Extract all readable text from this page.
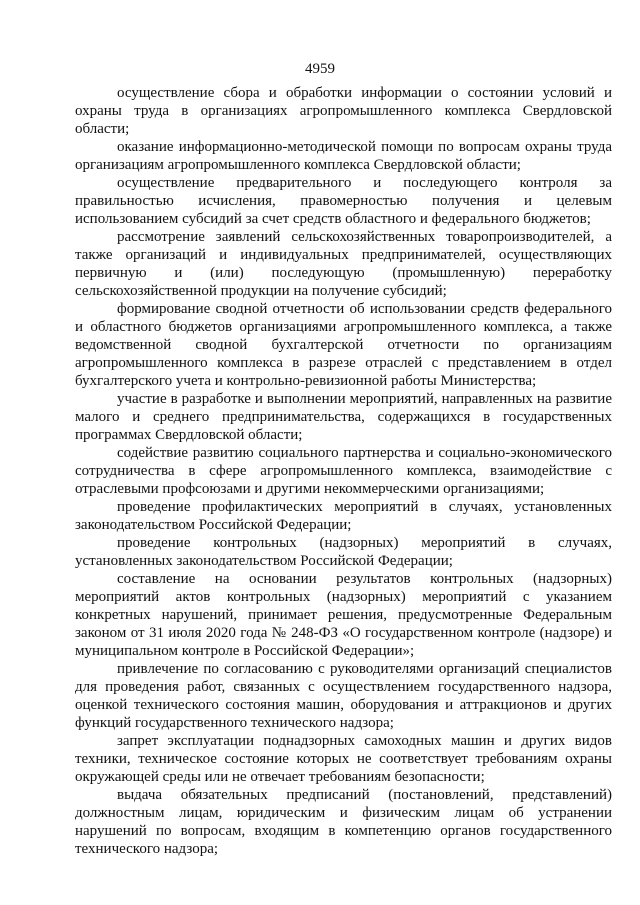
4959

осуществление сбора и обработки информации о состоянии условий и охраны труда в организациях агропромышленного комплекса Свердловской области;

оказание информационно-методической помощи по вопросам охраны труда организациям агропромышленного комплекса Свердловской области;

осуществление предварительного и последующего контроля за правильностью исчисления, правомерностью получения и целевым использованием субсидий за счет средств областного и федерального бюджетов;

рассмотрение заявлений сельскохозяйственных товаропроизводителей, а также организаций и индивидуальных предпринимателей, осуществляющих первичную и (или) последующую (промышленную) переработку сельскохозяйственной продукции на получение субсидий;

формирование сводной отчетности об использовании средств федерального и областного бюджетов организациями агропромышленного комплекса, а также ведомственной сводной бухгалтерской отчетности по организациям агропромышленного комплекса в разрезе отраслей с представлением в отдел бухгалтерского учета и контрольно-ревизионной работы Министерства;

участие в разработке и выполнении мероприятий, направленных на развитие малого и среднего предпринимательства, содержащихся в государственных программах Свердловской области;

содействие развитию социального партнерства и социально-экономического сотрудничества в сфере агропромышленного комплекса, взаимодействие с отраслевыми профсоюзами и другими некоммерческими организациями;

проведение профилактических мероприятий в случаях, установленных законодательством Российской Федерации;

проведение контрольных (надзорных) мероприятий в случаях, установленных законодательством Российской Федерации;

составление на основании результатов контрольных (надзорных) мероприятий актов контрольных (надзорных) мероприятий с указанием конкретных нарушений, принимает решения, предусмотренные Федеральным законом от 31 июля 2020 года № 248-ФЗ «О государственном контроле (надзоре) и муниципальном контроле в Российской Федерации»;

привлечение по согласованию с руководителями организаций специалистов для проведения работ, связанных с осуществлением государственного надзора, оценкой технического состояния машин, оборудования и аттракционов и других функций государственного технического надзора;

запрет эксплуатации поднадзорных самоходных машин и других видов техники, техническое состояние которых не соответствует требованиям охраны окружающей среды или не отвечает требованиям безопасности;

выдача обязательных предписаний (постановлений, представлений) должностным лицам, юридическим и физическим лицам об устранении нарушений по вопросам, входящим в компетенцию органов государственного технического надзора;
